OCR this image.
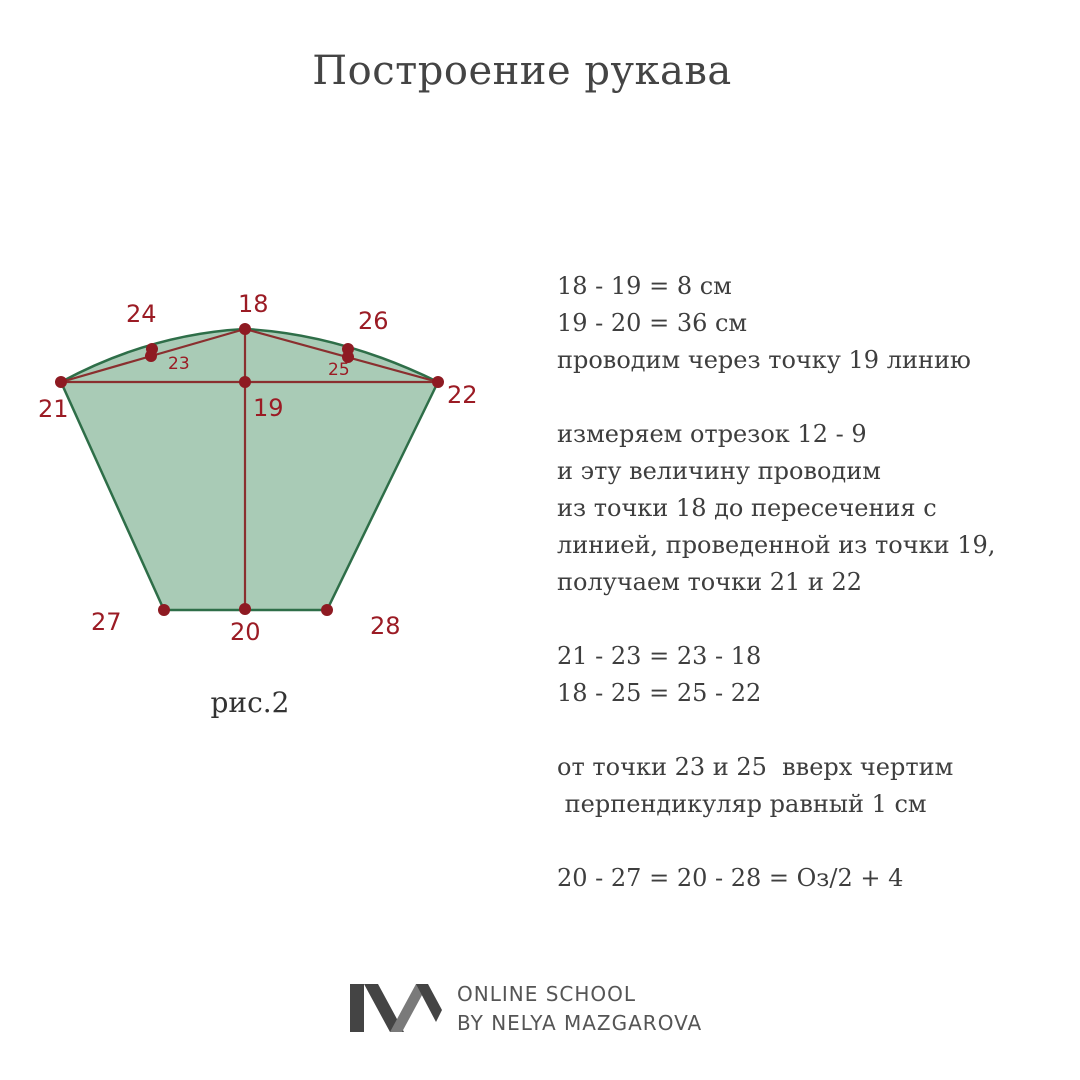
Построение рукава
18
19
20
21	22
23
24
25
26
27	28
рис.2
18 - 19 = 8 см
19 - 20 = 36 см
проводим через точку 19 линию
измеряем отрезок 12 - 9
и эту величину проводим
из точки 18 до пересечения с
линией, проведенной из точки 19,
получаем точки 21 и 22
21 - 23 = 23 - 18
18 - 25 = 25 - 22
от точки 23 и 25  вверх чертим
перпендикуляр равный 1 см
20 - 27 = 20 - 28 = Оз/2 + 4
ONLINE SCHOOL
BY NELYA MAZGAROVA
